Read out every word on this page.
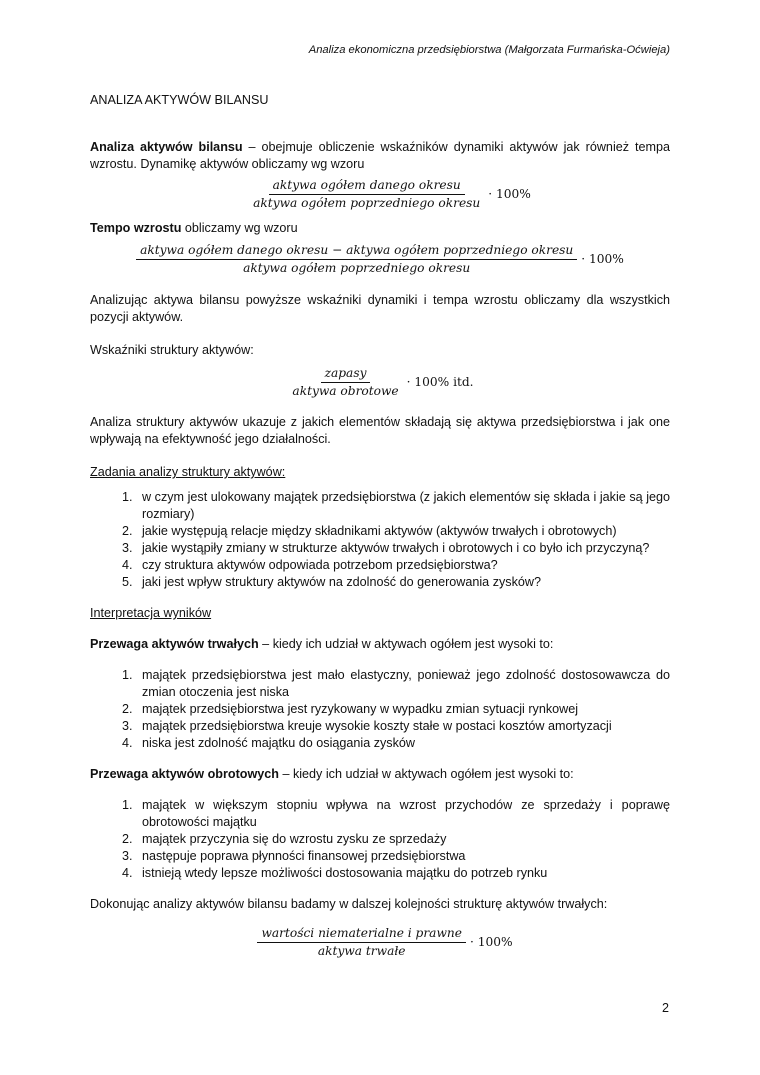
Analiza ekonomiczna przedsiębiorstwa (Małgorzata Furmańska-Oćwieja)

ANALIZA AKTYWÓW BILANSU

Analiza aktywów bilansu – obejmuje obliczenie wskaźników dynamiki aktywów jak również tempa wzrostu. Dynamikę aktywów obliczamy wg wzoru

$\frac{\text{aktywa ogółem danego okresu}}{\text{aktywa ogółem poprzedniego okresu}} \cdot 100\%$

Tempo wzrostu obliczamy wg wzoru

aktywa ogółem danego okresu − aktywa ogółem poprzedniego okresu
aktywa ogółem poprzedniego okresu
· 100%

Analizując aktywa bilansu powyższe wskaźniki dynamiki i tempa wzrostu obliczamy dla wszystkich pozycji aktywów.

Wskaźniki struktury aktywów:

$\frac{\text{zapasy}}{\text{aktywa obrotowe}} \cdot 100\%$ itd.

Analiza struktury aktywów ukazuje z jakich elementów składają się aktywa przedsiębiorstwa i jak one wpływają na efektywność jego działalności.

Zadania analizy struktury aktywów:

1. w czym jest ulokowany majątek przedsiębiorstwa (z jakich elementów się składa i jakie są jego rozmiary)
2. jakie występują relacje między składnikami aktywów (aktywów trwałych i obrotowych)
3. jakie wystąpiły zmiany w strukturze aktywów trwałych i obrotowych i co było ich przyczyną?
4. czy struktura aktywów odpowiada potrzebom przedsiębiorstwa?
5. jaki jest wpływ struktury aktywów na zdolność do generowania zysków?

Interpretacja wyników

Przewaga aktywów trwałych – kiedy ich udział w aktywach ogółem jest wysoki to:

1. majątek przedsiębiorstwa jest mało elastyczny, ponieważ jego zdolność dostosowawcza do zmian otoczenia jest niska
2. majątek przedsiębiorstwa jest ryzykowany w wypadku zmian sytuacji rynkowej
3. majątek przedsiębiorstwa kreuje wysokie koszty stałe w postaci kosztów amortyzacji
4. niska jest zdolność majątku do osiągania zysków

Przewaga aktywów obrotowych – kiedy ich udział w aktywach ogółem jest wysoki to:

1. majątek w większym stopniu wpływa na wzrost przychodów ze sprzedaży i poprawę obrotowości majątku
2. majątek przyczynia się do wzrostu zysku ze sprzedaży
3. następuje poprawa płynności finansowej przedsiębiorstwa
4. istnieją wtedy lepsze możliwości dostosowania majątku do potrzeb rynku

Dokonując analizy aktywów bilansu badamy w dalszej kolejności strukturę aktywów trwałych:

$\frac{\text{wartości niematerialne i prawne}}{\text{aktywa trwałe}} \cdot 100\%$
2
